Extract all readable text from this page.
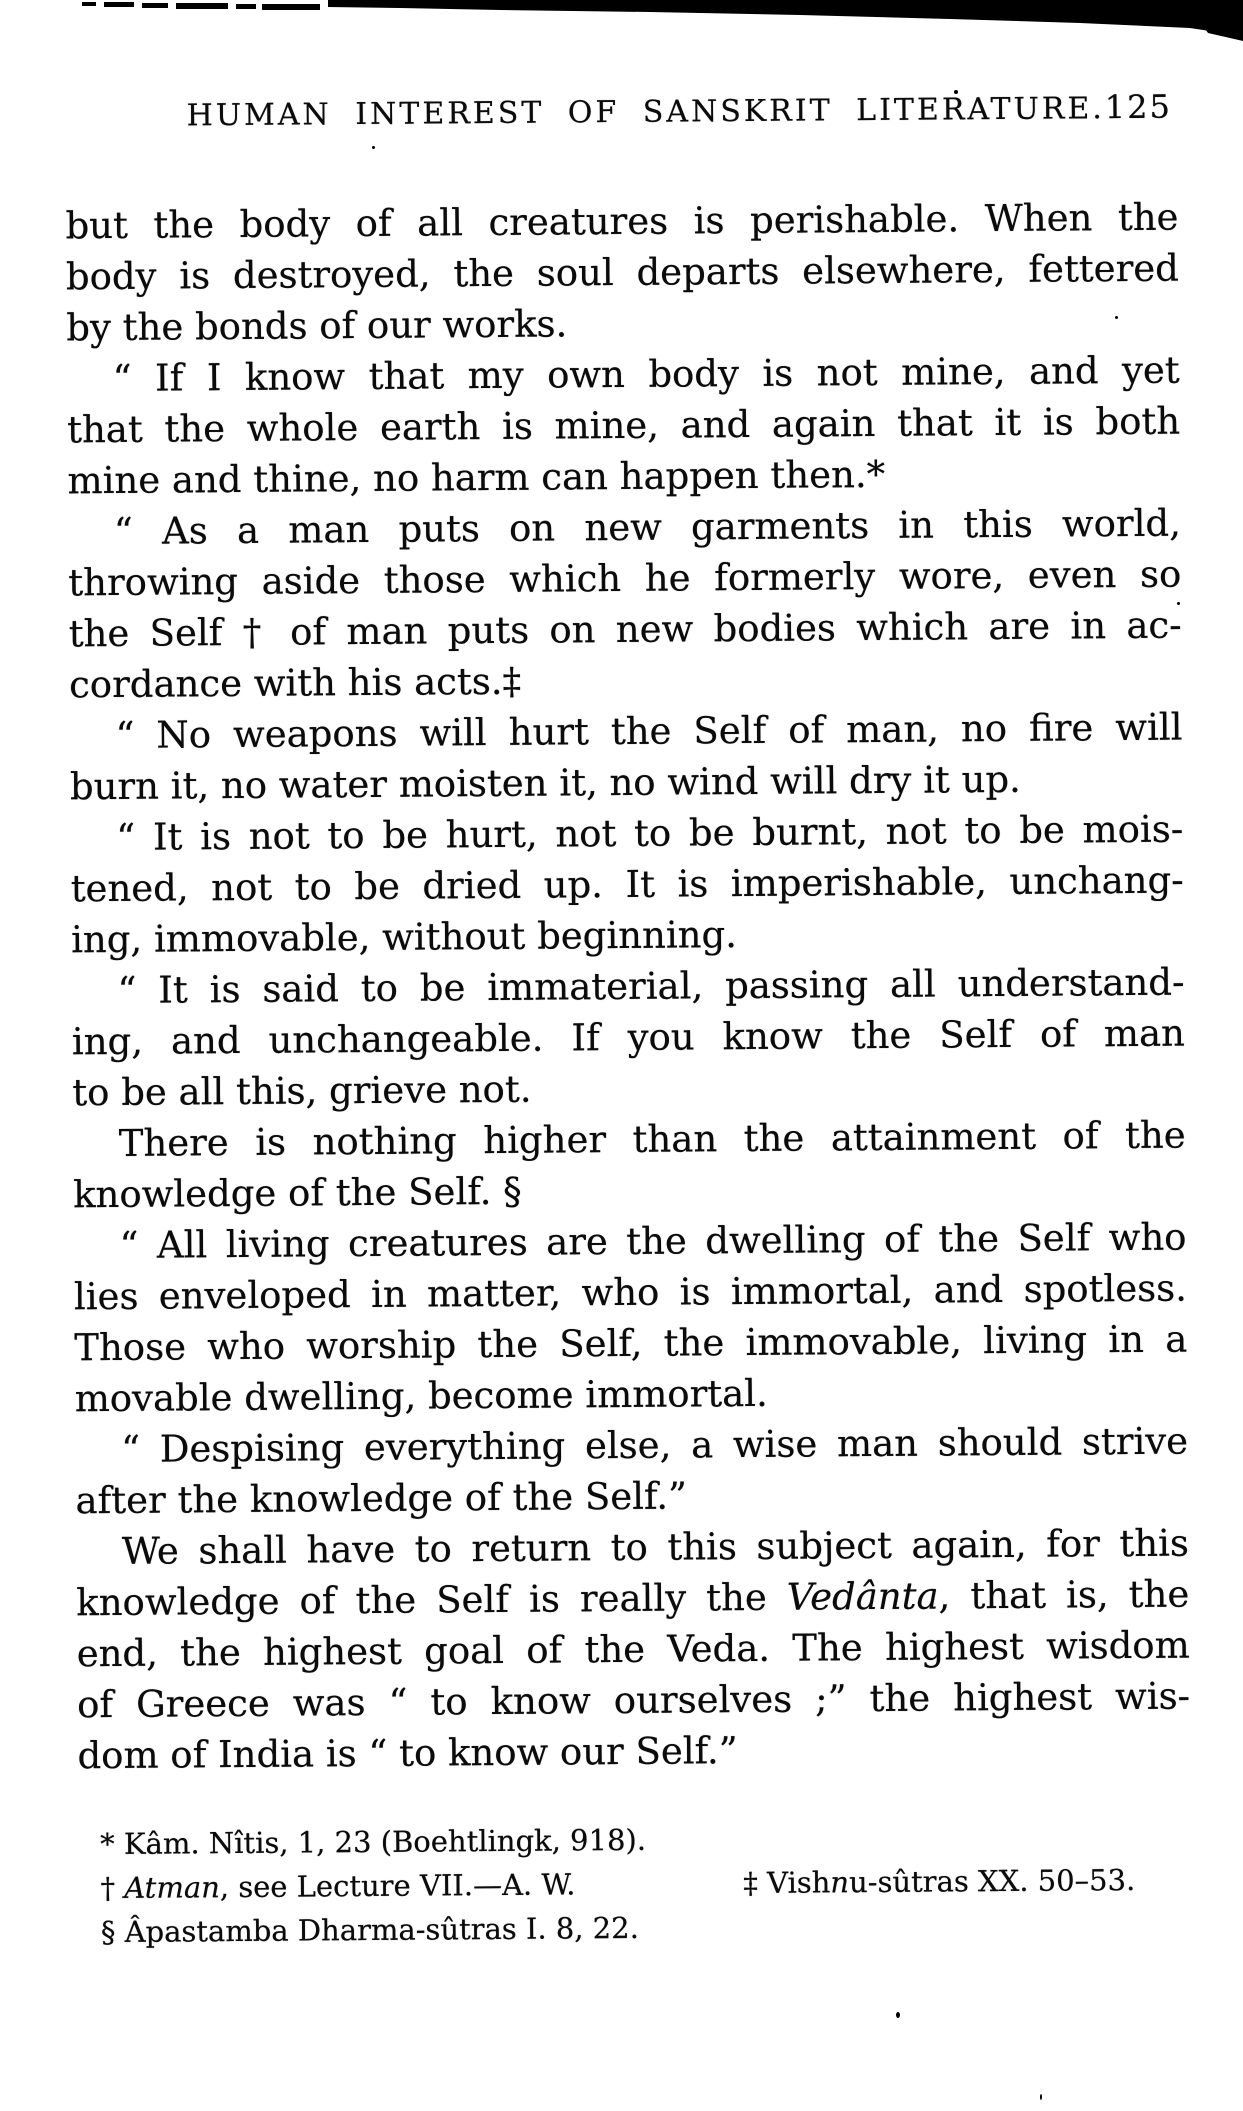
HUMAN INTEREST OF SANSKRIT LITERATURE. 125
but the body of all creatures is perishable. When the
body is destroyed, the soul departs elsewhere, fettered
by the bonds of our works.
“ If I know that my own body is not mine, and yet
that the whole earth is mine, and again that it is both
mine and thine, no harm can happen then.*
“ As a man puts on new garments in this world,
throwing aside those which he formerly wore, even so
the Self † of man puts on new bodies which are in ac-
cordance with his acts.‡
“ No weapons will hurt the Self of man, no fire will
burn it, no water moisten it, no wind will dry it up.
“ It is not to be hurt, not to be burnt, not to be mois-
tened, not to be dried up. It is imperishable, unchang-
ing, immovable, without beginning.
“ It is said to be immaterial, passing all understand-
ing, and unchangeable. If you know the Self of man
to be all this, grieve not.
There is nothing higher than the attainment of the
knowledge of the Self. §
“ All living creatures are the dwelling of the Self who
lies enveloped in matter, who is immortal, and spotless.
Those who worship the Self, the immovable, living in a
movable dwelling, become immortal.
“ Despising everything else, a wise man should strive
after the knowledge of the Self.”
We shall have to return to this subject again, for this
knowledge of the Self is really the Vedânta, that is, the
end, the highest goal of the Veda. The highest wisdom
of Greece was “ to know ourselves ;” the highest wis-
dom of India is “ to know our Self.”
* Kâm. Nîtis, 1, 23 (Boehtlingk, 918).
† Atman, see Lecture VII.—A. W.	‡ Vishnu-sûtras XX. 50–53.
§ Âpastamba Dharma-sûtras I. 8, 22.
